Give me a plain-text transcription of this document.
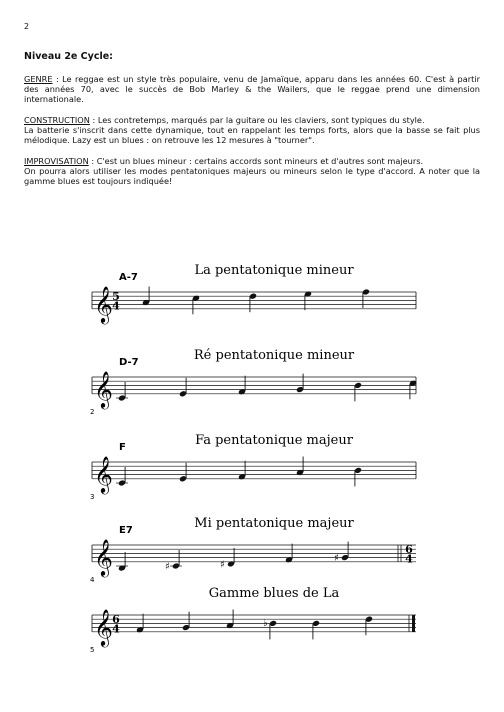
2
Niveau 2e Cycle:

GENRE : Le reggae est un style très populaire, venu de Jamaïque, apparu dans les années 60. C'est à partir des années 70, avec le succès de Bob Marley & the Wailers, que le reggae prend une dimension internationale.

CONSTRUCTION : Les contretemps, marqués par la guitare ou les claviers, sont typiques du style.

La batterie s'inscrit dans cette dynamique, tout en rappelant les temps forts, alors que la basse se fait plus mélodique. Lazy est un blues : on retrouve les 12 mesures à "tourner".

IMPROVISATION : C'est un blues mineur : certains accords sont mineurs et d'autres sont majeurs.

On pourra alors utiliser les modes pentatoniques majeurs ou mineurs selon le type d'accord. A noter que la gamme blues est toujours indiquée!

La pentatonique mineur
A-7
𝄞 5
4
Ré pentatonique mineur
D-7
2
𝄞
Fa pentatonique majeur
F
3
𝄞
Mi pentatonique majeur
E7
4
𝄞	6
4
♯	♯
♯
Gamme blues de La
5
𝄞 6
4	♭
